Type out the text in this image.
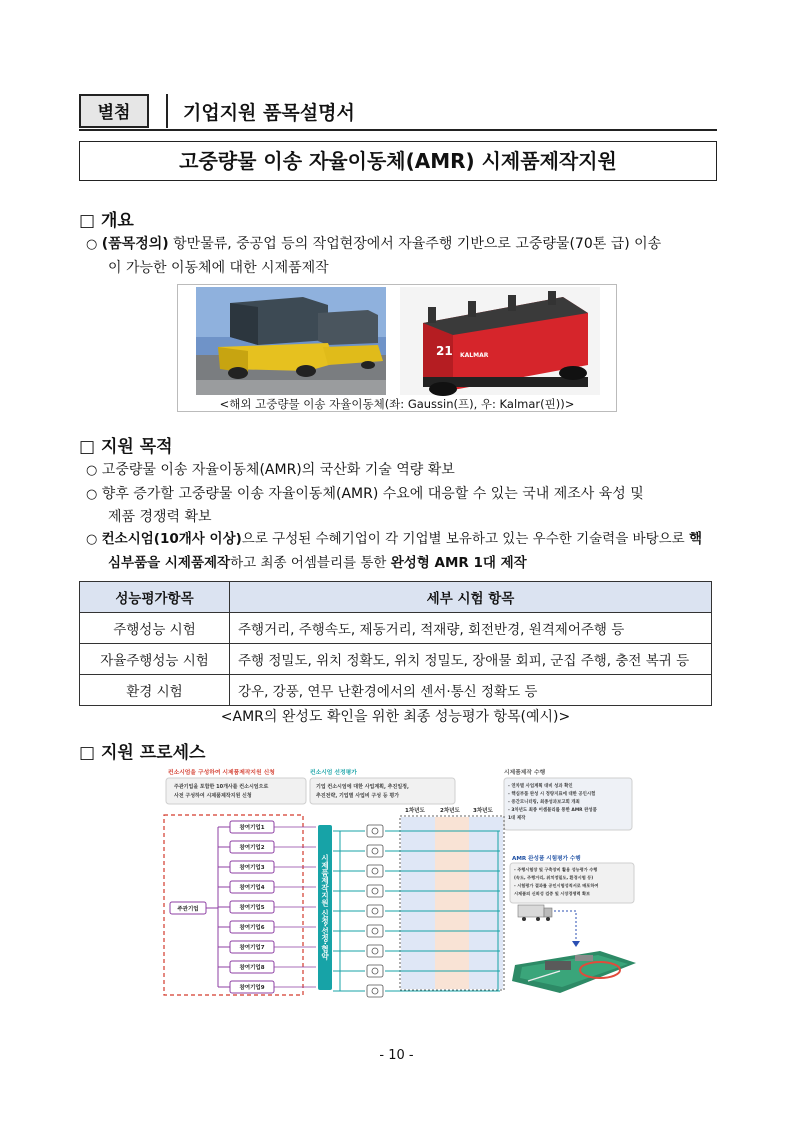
별첨	기업지원 품목설명서
고중량물 이송 자율이동체(AMR) 시제품제작지원
□ 개요
○ (품목정의) 항만물류, 중공업 등의 작업현장에서 자율주행 기반으로 고중량물(70톤 급) 이송
이 가능한 이동체에 대한 시제품제작
21 KALMAR
<해외 고중량물 이송 자율이동체(좌: Gaussin(프), 우: Kalmar(핀))>
□ 지원 목적
○ 고중량물 이송 자율이동체(AMR)의 국산화 기술 역량 확보
○ 향후 증가할 고중량물 이송 자율이동체(AMR) 수요에 대응할 수 있는 국내 제조사 육성 및
제품 경쟁력 확보
○ 컨소시엄(10개사 이상)으로 구성된 수혜기업이 각 기업별 보유하고 있는 우수한 기술력을 바탕으로 핵
심부품을 시제품제작하고 최종 어셈블리를 통한 완성형 AMR 1대 제작
성능평가항목	세부 시험 항목
주행성능 시험	주행거리, 주행속도, 제동거리, 적재량, 회전반경, 원격제어주행 등
자율주행성능 시험	주행 정밀도, 위치 정확도, 위치 정밀도, 장애물 회피, 군집 주행, 충전 복귀 등
환경 시험	강우, 강풍, 연무 난환경에서의 센서·통신 정확도 등
<AMR의 완성도 확인을 위한 최종 성능평가 항목(예시)>
□ 지원 프로세스
컨소시엄을 구성하여 시제품제작지원 신청
주관기업을 포함한 10개사를 컨소시엄으로
사전 구성하여 시제품제작지원 신청
컨소시엄 선정평가
기업 컨소시엄에 대한 사업계획, 추진일정,
추진전략, 기업별 사업비 구성 등 평가
시제품제작 수행
- 연차별 사업계획 대비 성과 확인
- 핵심부품 완성 시 정량지표에 대한 공인시험
- 중간모니터링, 최종성과보고회 개최
- 3차년도 최종 어셈블리를 통한 AMR 완성품
1대 제작
1차년도	2차년도 3차년도
주관기업
참여기업1
참여기업2
참여기업3
참여기업4
참여기업5
참여기업6
참여기업7
참여기업8
참여기업9
시제품제작지원 신청·선정·협약	AMR 완성품 시험평가 수행
- 주행시험장 및 구축장비 활용 성능평가 수행
(속도, 주행거리, 위치정밀도, 환경시험 등)
- 시험평가 결과를 공인시험성적서로 배포하여
시제품의 신뢰성 검증 및 시장경쟁력 확보
- 10 -
